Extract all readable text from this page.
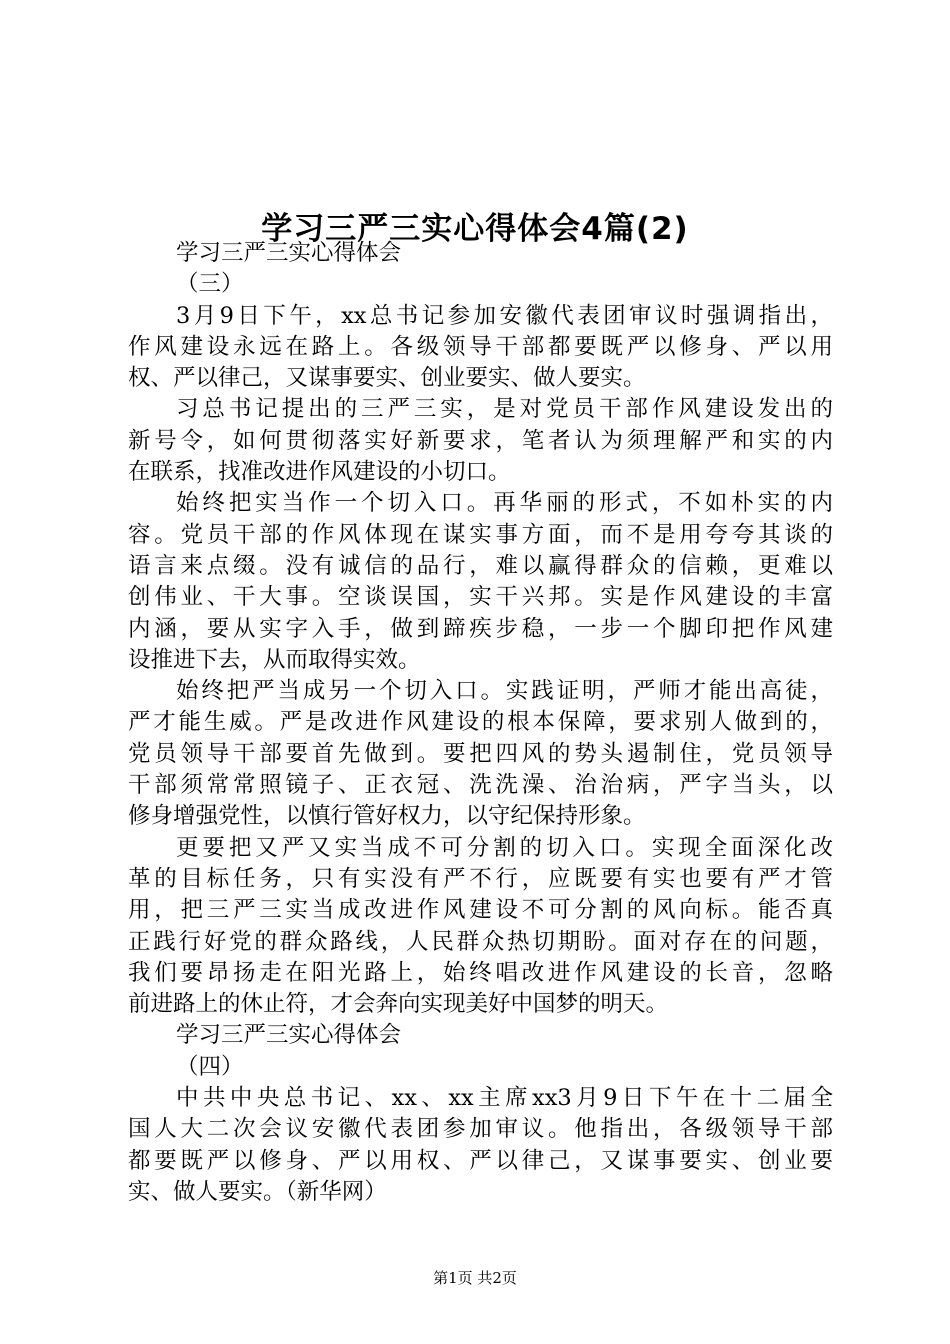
学习三严三实心得体会4篇(2)
学习三严三实心得体会
（三）
3月9日下午，xx总书记参加安徽代表团审议时强调指出，
作风建设永远在路上。各级领导干部都要既严以修身、严以用
权、严以律己，又谋事要实、创业要实、做人要实。
习总书记提出的三严三实，是对党员干部作风建设发出的
新号令，如何贯彻落实好新要求，笔者认为须理解严和实的内
在联系，找准改进作风建设的小切口。
始终把实当作一个切入口。再华丽的形式，不如朴实的内
容。党员干部的作风体现在谋实事方面，而不是用夸夸其谈的
语言来点缀。没有诚信的品行，难以赢得群众的信赖，更难以
创伟业、干大事。空谈误国，实干兴邦。实是作风建设的丰富
内涵，要从实字入手，做到蹄疾步稳，一步一个脚印把作风建
设推进下去，从而取得实效。
始终把严当成另一个切入口。实践证明，严师才能出高徒，
严才能生威。严是改进作风建设的根本保障，要求别人做到的，
党员领导干部要首先做到。要把四风的势头遏制住，党员领导
干部须常常照镜子、正衣冠、洗洗澡、治治病，严字当头，以
修身增强党性，以慎行管好权力，以守纪保持形象。
更要把又严又实当成不可分割的切入口。实现全面深化改
革的目标任务，只有实没有严不行，应既要有实也要有严才管
用，把三严三实当成改进作风建设不可分割的风向标。能否真
正践行好党的群众路线，人民群众热切期盼。面对存在的问题，
我们要昂扬走在阳光路上，始终唱改进作风建设的长音，忽略
前进路上的休止符，才会奔向实现美好中国梦的明天。
学习三严三实心得体会
（四）
中共中央总书记、xx、xx主席xx3月9日下午在十二届全
国人大二次会议安徽代表团参加审议。他指出，各级领导干部
都要既严以修身、严以用权、严以律己，又谋事要实、创业要
实、做人要实。（新华网）
第1页 共2页
